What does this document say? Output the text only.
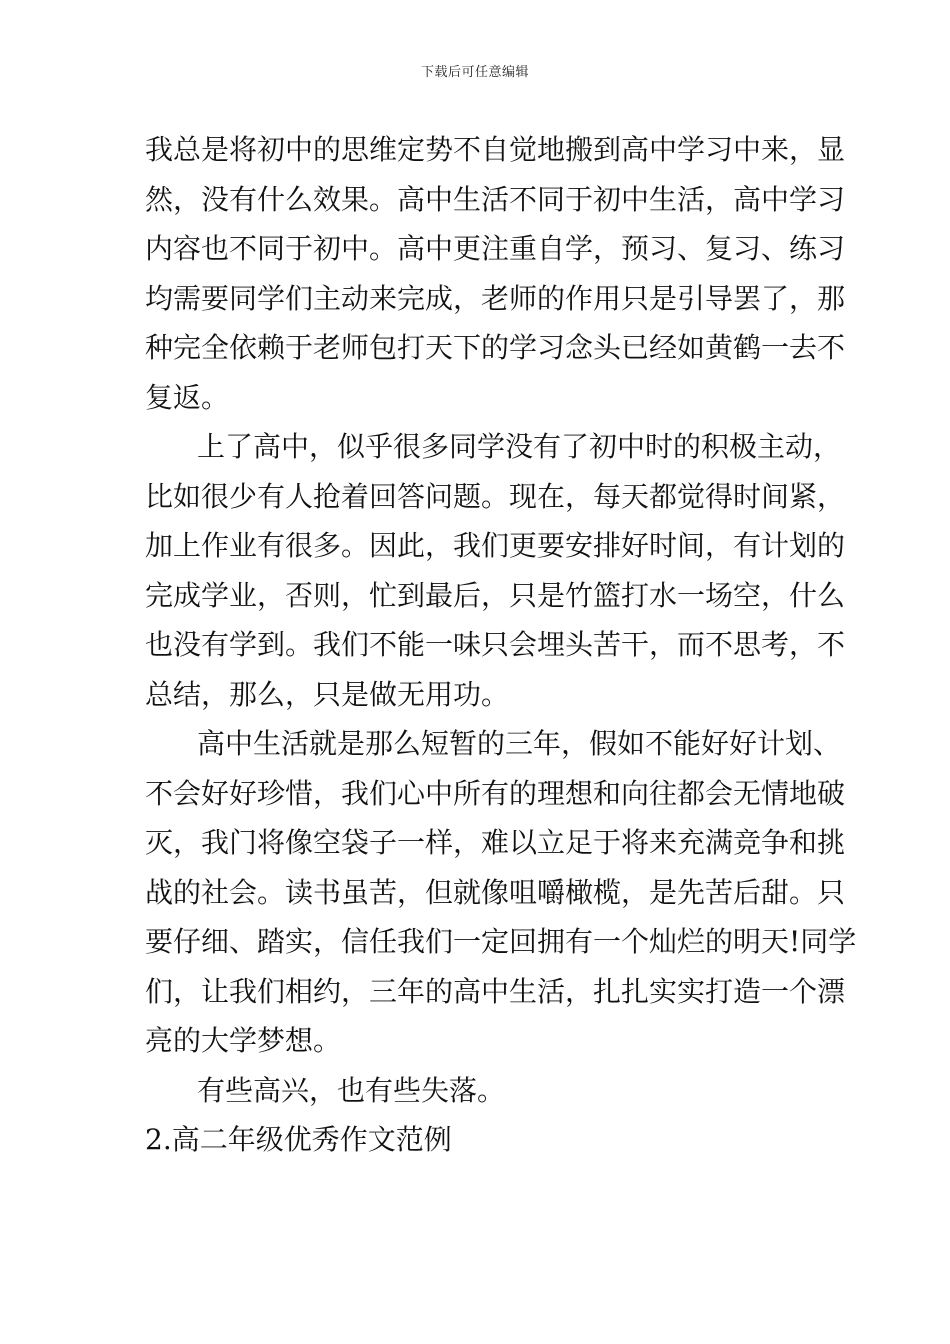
下载后可任意编辑
我总是将初中的思维定势不自觉地搬到高中学习中来，显
然，没有什么效果。高中生活不同于初中生活，高中学习
内容也不同于初中。高中更注重自学，预习、复习、练习
均需要同学们主动来完成，老师的作用只是引导罢了，那
种完全依赖于老师包打天下的学习念头已经如黄鹤一去不
复返。
上了高中，似乎很多同学没有了初中时的积极主动，
比如很少有人抢着回答问题。现在，每天都觉得时间紧，
加上作业有很多。因此，我们更要安排好时间，有计划的
完成学业，否则，忙到最后，只是竹篮打水一场空，什么
也没有学到。我们不能一味只会埋头苦干，而不思考，不
总结，那么，只是做无用功。
高中生活就是那么短暂的三年，假如不能好好计划、
不会好好珍惜，我们心中所有的理想和向往都会无情地破
灭，我门将像空袋子一样，难以立足于将来充满竞争和挑
战的社会。读书虽苦，但就像咀嚼橄榄，是先苦后甜。只
要仔细、踏实，信任我们一定回拥有一个灿烂的明天!同学
们，让我们相约，三年的高中生活，扎扎实实打造一个漂
亮的大学梦想。
有些高兴，也有些失落。
2.高二年级优秀作文范例
